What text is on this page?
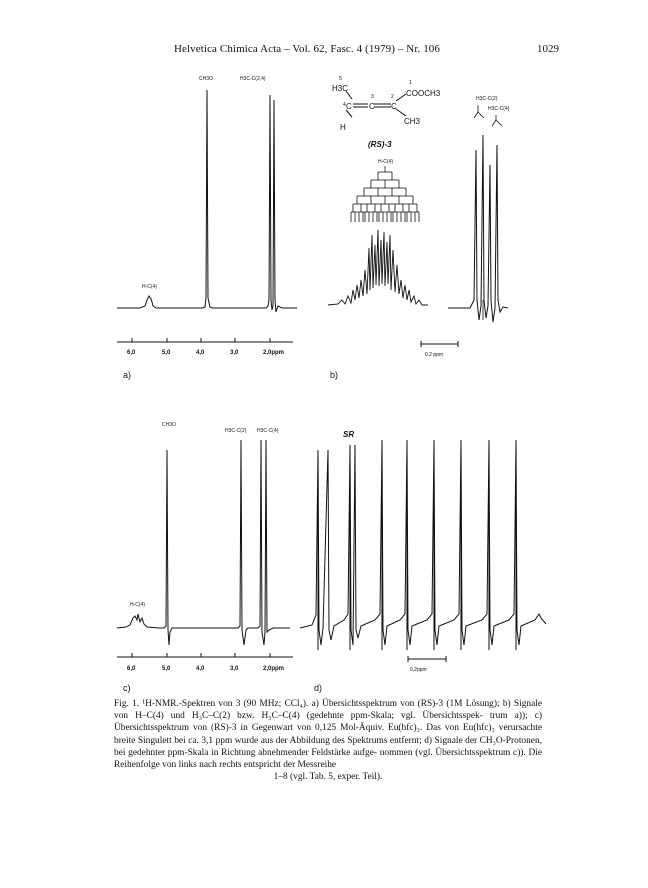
Helvetica Chimica Acta – Vol. 62, Fasc. 4 (1979) – Nr. 106	1029
6,0	5,0	4,0	3,0	2,0ppm
CH3O	H3C-C(2,4)
H-C(4)
a)
H3C
5
4 C C C
3	2
1
COOCH3
CH3
H
(RS)-3
H-C(4)
H3C-C(2)
H3C-C(4)
0,2 ppm
b)
6,0	5,0	4,0	3,0	2,0ppm
CH3O
H3C-C(2) H3C-C(4)
H-C(4)
c)
SR
0,2ppm
d)
Fig. 1. ¹H-NMR.-Spektren von 3 (90 MHz; CCl₄). a) Übersichtsspektrum von (RS)-3 (1M Lösung); b) Signale von H–C(4) und H₃C–C(2) bzw. H₃C–C(4) (gedehnte ppm-Skala; vgl. Übersichtsspek- trum a)); c) Übersichtsspektrum von (RS)-3 in Gegenwart von 0,125 Mol-Äquiv. Eu(hfc)₃. Das von Eu(hfc)₃ verursachte breite Singulett bei ca. 3,1 ppm wurde aus der Abbildung des Spektrums entfernt; d) Signale der CH₃O-Protonen, bei gedehnter ppm-Skala in Richtung abnehmender Feldstärke aufge- nommen (vgl. Übersichtsspektrum c)). Die Reihenfolge von links nach rechts entspricht der Messreihe
1–8 (vgl. Tab. 5, exper. Teil).
